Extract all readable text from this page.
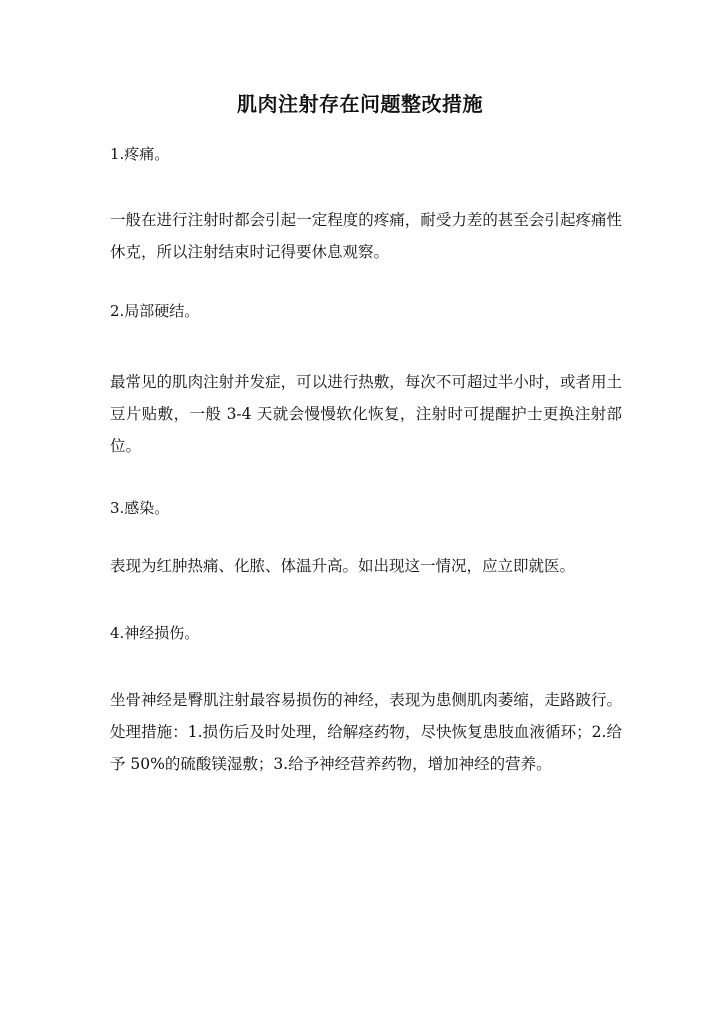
肌肉注射存在问题整改措施

1.疼痛。

一般在进行注射时都会引起一定程度的疼痛，耐受力差的甚至会引起疼痛性休克，所以注射结束时记得要休息观察。

2.局部硬结。

最常见的肌肉注射并发症，可以进行热敷，每次不可超过半小时，或者用土豆片贴敷，一般 3-4 天就会慢慢软化恢复，注射时可提醒护士更换注射部位。

3.感染。

表现为红肿热痛、化脓、体温升高。如出现这一情况，应立即就医。

4.神经损伤。

坐骨神经是臀肌注射最容易损伤的神经，表现为患侧肌肉萎缩，走路跛行。处理措施：1.损伤后及时处理，给解痉药物，尽快恢复患肢血液循环；2.给予 50%的硫酸镁湿敷；3.给予神经营养药物，增加神经的营养。
